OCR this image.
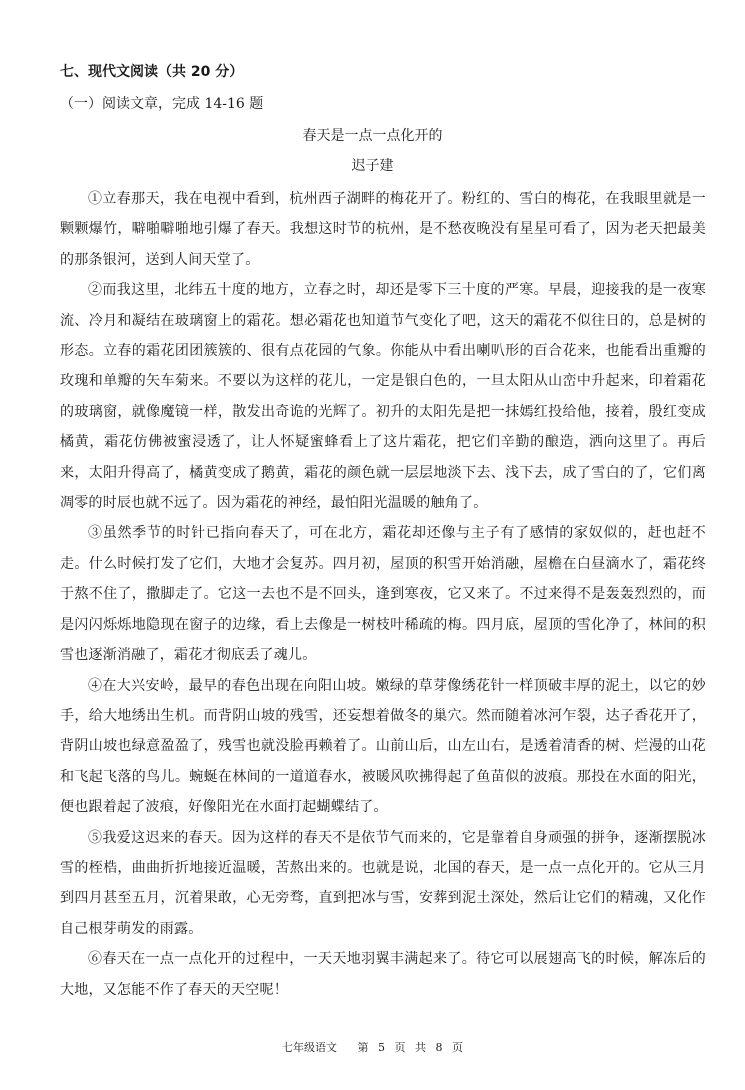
七、现代文阅读（共 20 分）
（一）阅读文章，完成 14-16 题
春天是一点一点化开的
迟子建

①立春那天，我在电视中看到，杭州西子湖畔的梅花开了。粉红的、雪白的梅花，在我眼里就是一颗颗爆竹，噼啪噼啪地引爆了春天。我想这时节的杭州，是不愁夜晚没有星星可看了，因为老天把最美的那条银河，送到人间天堂了。

②而我这里，北纬五十度的地方，立春之时，却还是零下三十度的严寒。早晨，迎接我的是一夜寒流、冷月和凝结在玻璃窗上的霜花。想必霜花也知道节气变化了吧，这天的霜花不似往日的，总是树的形态。立春的霜花团团簇簇的、很有点花园的气象。你能从中看出喇叭形的百合花来，也能看出重瓣的玫瑰和单瓣的矢车菊来。不要以为这样的花儿，一定是银白色的，一旦太阳从山峦中升起来，印着霜花的玻璃窗，就像魔镜一样，散发出奇诡的光辉了。初升的太阳先是把一抹嫣红投给他，接着，殷红变成橘黄，霜花仿佛被蜜浸透了，让人怀疑蜜蜂看上了这片霜花，把它们辛勤的酿造，洒向这里了。再后来，太阳升得高了，橘黄变成了鹅黄，霜花的颜色就一层层地淡下去、浅下去，成了雪白的了，它们离凋零的时辰也就不远了。因为霜花的神经，最怕阳光温暖的触角了。

③虽然季节的时针已指向春天了，可在北方，霜花却还像与主子有了感情的家奴似的，赶也赶不走。什么时候打发了它们，大地才会复苏。四月初，屋顶的积雪开始消融，屋檐在白昼滴水了，霜花终于熬不住了，撒脚走了。它这一去也不是不回头，逢到寒夜，它又来了。不过来得不是轰轰烈烈的，而是闪闪烁烁地隐现在窗子的边缘，看上去像是一树枝叶稀疏的梅。四月底，屋顶的雪化净了，林间的积雪也逐渐消融了，霜花才彻底丢了魂儿。

④在大兴安岭，最早的春色出现在向阳山坡。嫩绿的草芽像绣花针一样顶破丰厚的泥土，以它的妙手，给大地绣出生机。而背阴山坡的残雪，还妄想着做冬的巢穴。然而随着冰河乍裂，达子香花开了，背阴山坡也绿意盈盈了，残雪也就没脸再赖着了。山前山后，山左山右，是透着清香的树、烂漫的山花和飞起飞落的鸟儿。蜿蜒在林间的一道道春水，被暖风吹拂得起了鱼苗似的波痕。那投在水面的阳光，便也跟着起了波痕，好像阳光在水面打起蝴蝶结了。

⑤我爱这迟来的春天。因为这样的春天不是依节气而来的，它是靠着自身顽强的拼争，逐渐摆脱冰雪的桎梏，曲曲折折地接近温暖，苦熬出来的。也就是说，北国的春天，是一点一点化开的。它从三月到四月甚至五月，沉着果敢，心无旁骛，直到把冰与雪，安葬到泥土深处，然后让它们的精魂，又化作自己根芽萌发的雨露。

⑥春天在一点一点化开的过程中，一天天地羽翼丰满起来了。待它可以展翅高飞的时候，解冻后的大地，又怎能不作了春天的天空呢！

七年级语文　 第 5 页 共 8 页
